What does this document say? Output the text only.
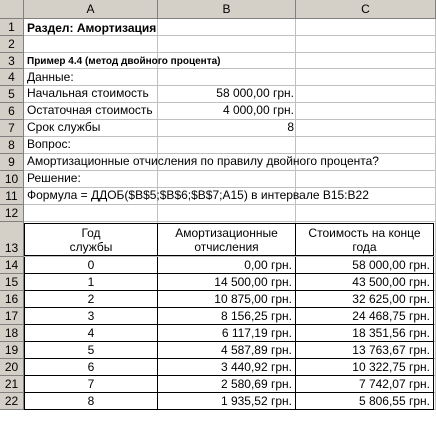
A	B	C
1
2
3
4
5
6
7
8
9
10
11
12
13
14
15
16
17
18
19
20
21
22
Раздел: Амортизация
Пример 4.4 (метод двойного процента)
Данные:
Начальная стоимость	58 000,00 грн.
Остаточная стоимость	4 000,00 грн.
Срок службы	8
Вопрос:
Амортизационные отчисления по правилу двойного процента?
Решение:
Формула = ДДОБ($B$5;$B$6;$B$7;A15) в интервале B15:B22
Год
службы
Амортизационные
отчисления
Стоимость на конце
года
0	0,00 грн.	58 000,00 грн.
1	14 500,00 грн.	43 500,00 грн.
2	10 875,00 грн.	32 625,00 грн.
3	8 156,25 грн.	24 468,75 грн.
4	6 117,19 грн.	18 351,56 грн.
5	4 587,89 грн.	13 763,67 грн.
6	3 440,92 грн.	10 322,75 грн.
7	2 580,69 грн.	7 742,07 грн.
8	1 935,52 грн.	5 806,55 грн.
